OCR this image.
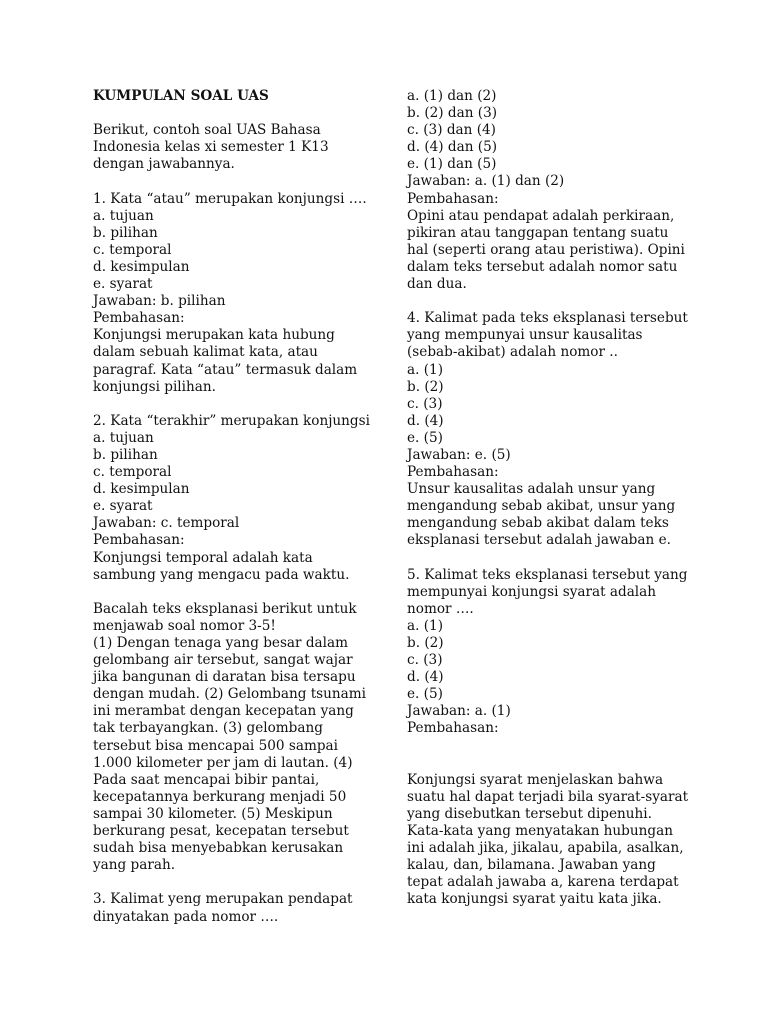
KUMPULAN SOAL UAS
Berikut, contoh soal UAS Bahasa
Indonesia kelas xi semester 1 K13
dengan jawabannya.
1. Kata “atau” merupakan konjungsi ….
a. tujuan
b. pilihan
c. temporal
d. kesimpulan
e. syarat
Jawaban: b. pilihan
Pembahasan:
Konjungsi merupakan kata hubung
dalam sebuah kalimat kata, atau
paragraf. Kata “atau” termasuk dalam
konjungsi pilihan.
2. Kata “terakhir” merupakan konjungsi
a. tujuan
b. pilihan
c. temporal
d. kesimpulan
e. syarat
Jawaban: c. temporal
Pembahasan:
Konjungsi temporal adalah kata
sambung yang mengacu pada waktu.
Bacalah teks eksplanasi berikut untuk
menjawab soal nomor 3-5!
(1) Dengan tenaga yang besar dalam
gelombang air tersebut, sangat wajar
jika bangunan di daratan bisa tersapu
dengan mudah. (2) Gelombang tsunami
ini merambat dengan kecepatan yang
tak terbayangkan. (3) gelombang
tersebut bisa mencapai 500 sampai
1.000 kilometer per jam di lautan. (4)
Pada saat mencapai bibir pantai,
kecepatannya berkurang menjadi 50
sampai 30 kilometer. (5) Meskipun
berkurang pesat, kecepatan tersebut
sudah bisa menyebabkan kerusakan
yang parah.
3. Kalimat yeng merupakan pendapat
dinyatakan pada nomor ….
a. (1) dan (2)
b. (2) dan (3)
c. (3) dan (4)
d. (4) dan (5)
e. (1) dan (5)
Jawaban: a. (1) dan (2)
Pembahasan:
Opini atau pendapat adalah perkiraan,
pikiran atau tanggapan tentang suatu
hal (seperti orang atau peristiwa). Opini
dalam teks tersebut adalah nomor satu
dan dua.
4. Kalimat pada teks eksplanasi tersebut
yang mempunyai unsur kausalitas
(sebab-akibat) adalah nomor ..
a. (1)
b. (2)
c. (3)
d. (4)
e. (5)
Jawaban: e. (5)
Pembahasan:
Unsur kausalitas adalah unsur yang
mengandung sebab akibat, unsur yang
mengandung sebab akibat dalam teks
eksplanasi tersebut adalah jawaban e.
5. Kalimat teks eksplanasi tersebut yang
mempunyai konjungsi syarat adalah
nomor ….
a. (1)
b. (2)
c. (3)
d. (4)
e. (5)
Jawaban: a. (1)
Pembahasan:
Konjungsi syarat menjelaskan bahwa
suatu hal dapat terjadi bila syarat-syarat
yang disebutkan tersebut dipenuhi.
Kata-kata yang menyatakan hubungan
ini adalah jika, jikalau, apabila, asalkan,
kalau, dan, bilamana. Jawaban yang
tepat adalah jawaba a, karena terdapat
kata konjungsi syarat yaitu kata jika.
